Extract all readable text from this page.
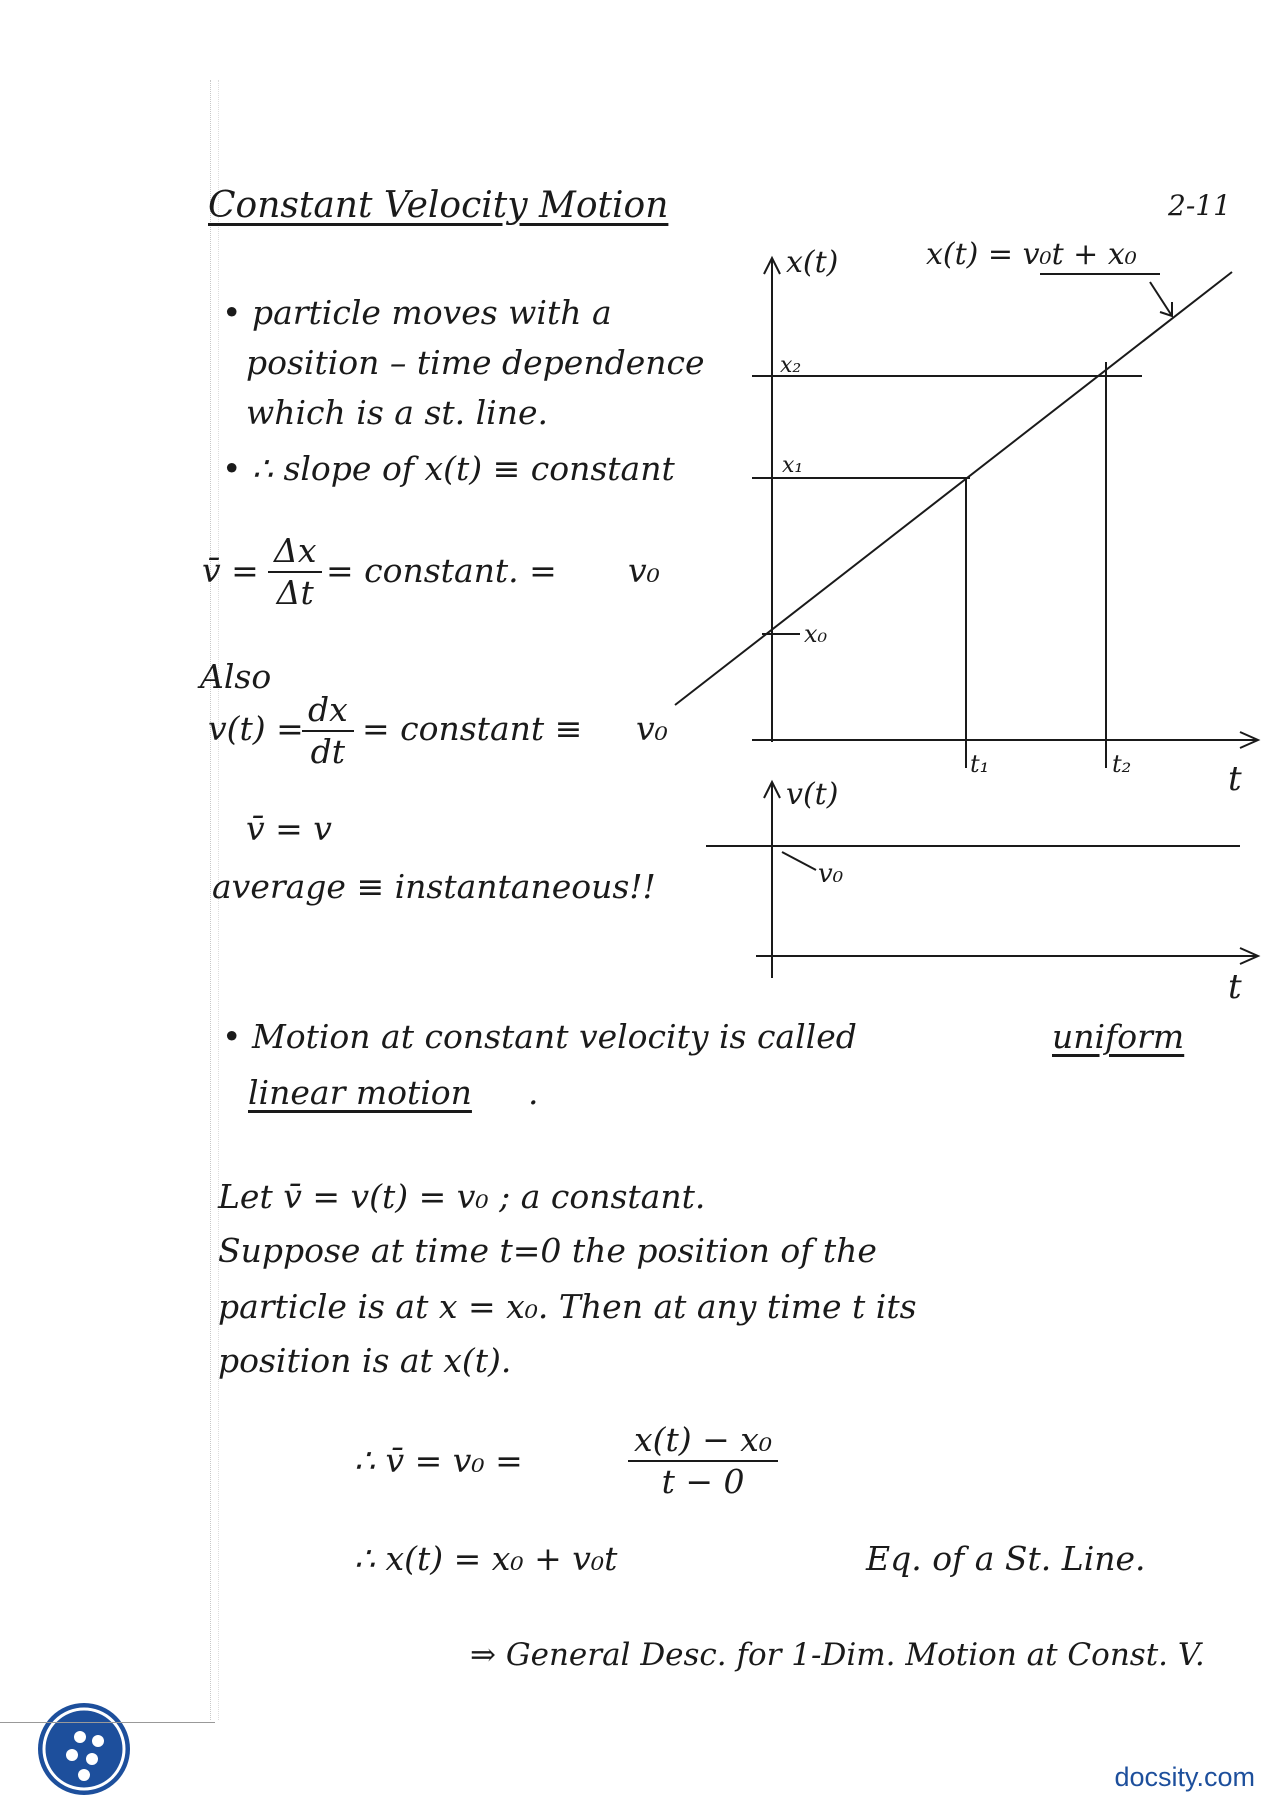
Constant Velocity Motion	2-11
• particle moves with a
position – time dependence
which is a st. line.
• ∴ slope of x(t) ≡ constant
v̄ = $\frac{\Delta x}{\Delta t}$ = constant. = v₀
Also
v(t) =
$\frac{dx}{dt}$ = constant ≡ v₀
v̄ = v
average ≡ instantaneous!!
x(t)	x(t) = v₀t + x₀
x₂
x₁
x₀
t₁	t₂	t
v(t)
v₀
t
• Motion at constant velocity is called	uniform
linear motion .
Let v̄ = v(t) = v₀ ; a constant.
Suppose at time t=0 the position of the
particle is at x = x₀. Then at any time t its
position is at x(t).
∴ v̄ = v₀ =	$\frac{\text{x(t) − x₀}}{t - 0}$
∴ x(t) = x₀ + v₀t	Eq. of a St. Line.
⇒ General Desc. for 1-Dim. Motion at Const. V.
docsity.com
